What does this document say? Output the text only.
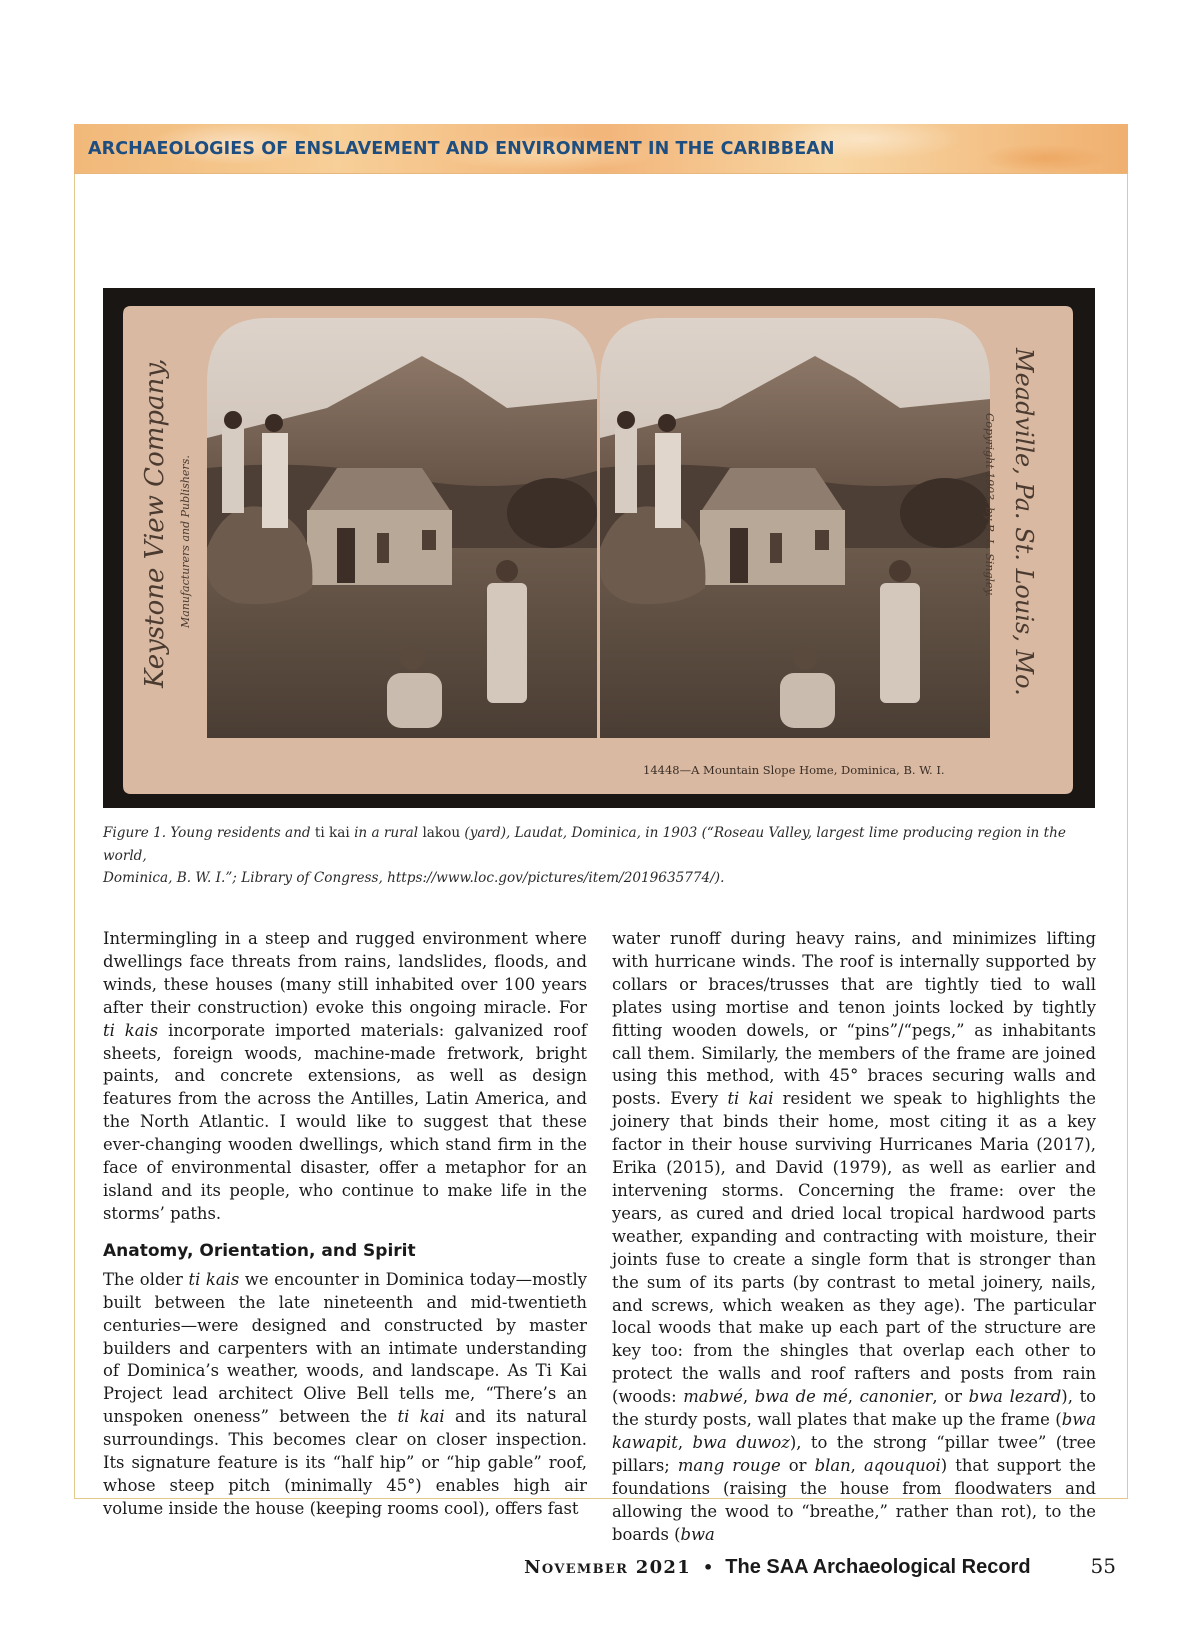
ARCHAEOLOGIES OF ENSLAVEMENT AND ENVIRONMENT IN THE CARIBBEAN
Keystone View Company, Manufacturers and Publishers.	Meadville, Pa. St. Louis, Mo.
Copyright 1903, by B. L. Singley.
14448—A Mountain Slope Home, Dominica, B. W. I.
Figure 1. Young residents and ti kai in a rural lakou (yard), Laudat, Dominica, in 1903 (“Roseau Valley, largest lime producing region in the world,
Dominica, B. W. I.”; Library of Congress, https://www.loc.gov/pictures/item/2019635774/).

Intermingling in a steep and rugged environment where dwellings face threats from rains, landslides, floods, and winds, these houses (many still inhabited over 100 years after their construction) evoke this ongoing miracle. For ti kais incorporate imported materials: galvanized roof sheets, foreign woods, machine-made fretwork, bright paints, and concrete extensions, as well as design features from the across the Antilles, Latin America, and the North Atlantic. I would like to suggest that these ever-changing wooden dwellings, which stand firm in the face of environmental disaster, offer a metaphor for an island and its people, who continue to make life in the storms’ paths.

Anatomy, Orientation, and Spirit

The older ti kais we encounter in Dominica today—mostly built between the late nineteenth and mid-twentieth centuries—were designed and constructed by master builders and carpenters with an intimate understanding of Dominica’s weather, woods, and landscape. As Ti Kai Project lead architect Olive Bell tells me, “There’s an unspoken oneness” between the ti kai and its natural surroundings. This becomes clear on closer inspection. Its signature feature is its “half hip” or “hip gable” roof, whose steep pitch (minimally 45°) enables high air volume inside the house (keeping rooms cool), offers fast

water runoff during heavy rains, and minimizes lifting with hurricane winds. The roof is internally supported by collars or braces/trusses that are tightly tied to wall plates using mortise and tenon joints locked by tightly fitting wooden dowels, or “pins”/“pegs,” as inhabitants call them. Similarly, the members of the frame are joined using this method, with 45° braces securing walls and posts. Every ti kai resident we speak to highlights the joinery that binds their home, most citing it as a key factor in their house surviving Hurricanes Maria (2017), Erika (2015), and David (1979), as well as earlier and intervening storms. Concerning the frame: over the years, as cured and dried local tropical hardwood parts weather, expanding and contracting with moisture, their joints fuse to create a single form that is stronger than the sum of its parts (by contrast to metal joinery, nails, and screws, which weaken as they age). The particular local woods that make up each part of the structure are key too: from the shingles that overlap each other to protect the walls and roof rafters and posts from rain (woods: mabwé, bwa de mé, canonier, or bwa lezard), to the sturdy posts, wall plates that make up the frame (bwa kawapit, bwa duwoz), to the strong “pillar twee” (tree pillars; mang rouge or blan, aqouquoi) that support the foundations (raising the house from floodwaters and allowing the wood to “breathe,” rather than rot), to the boards (bwa

November 2021 • The SAA Archaeological Record	55
